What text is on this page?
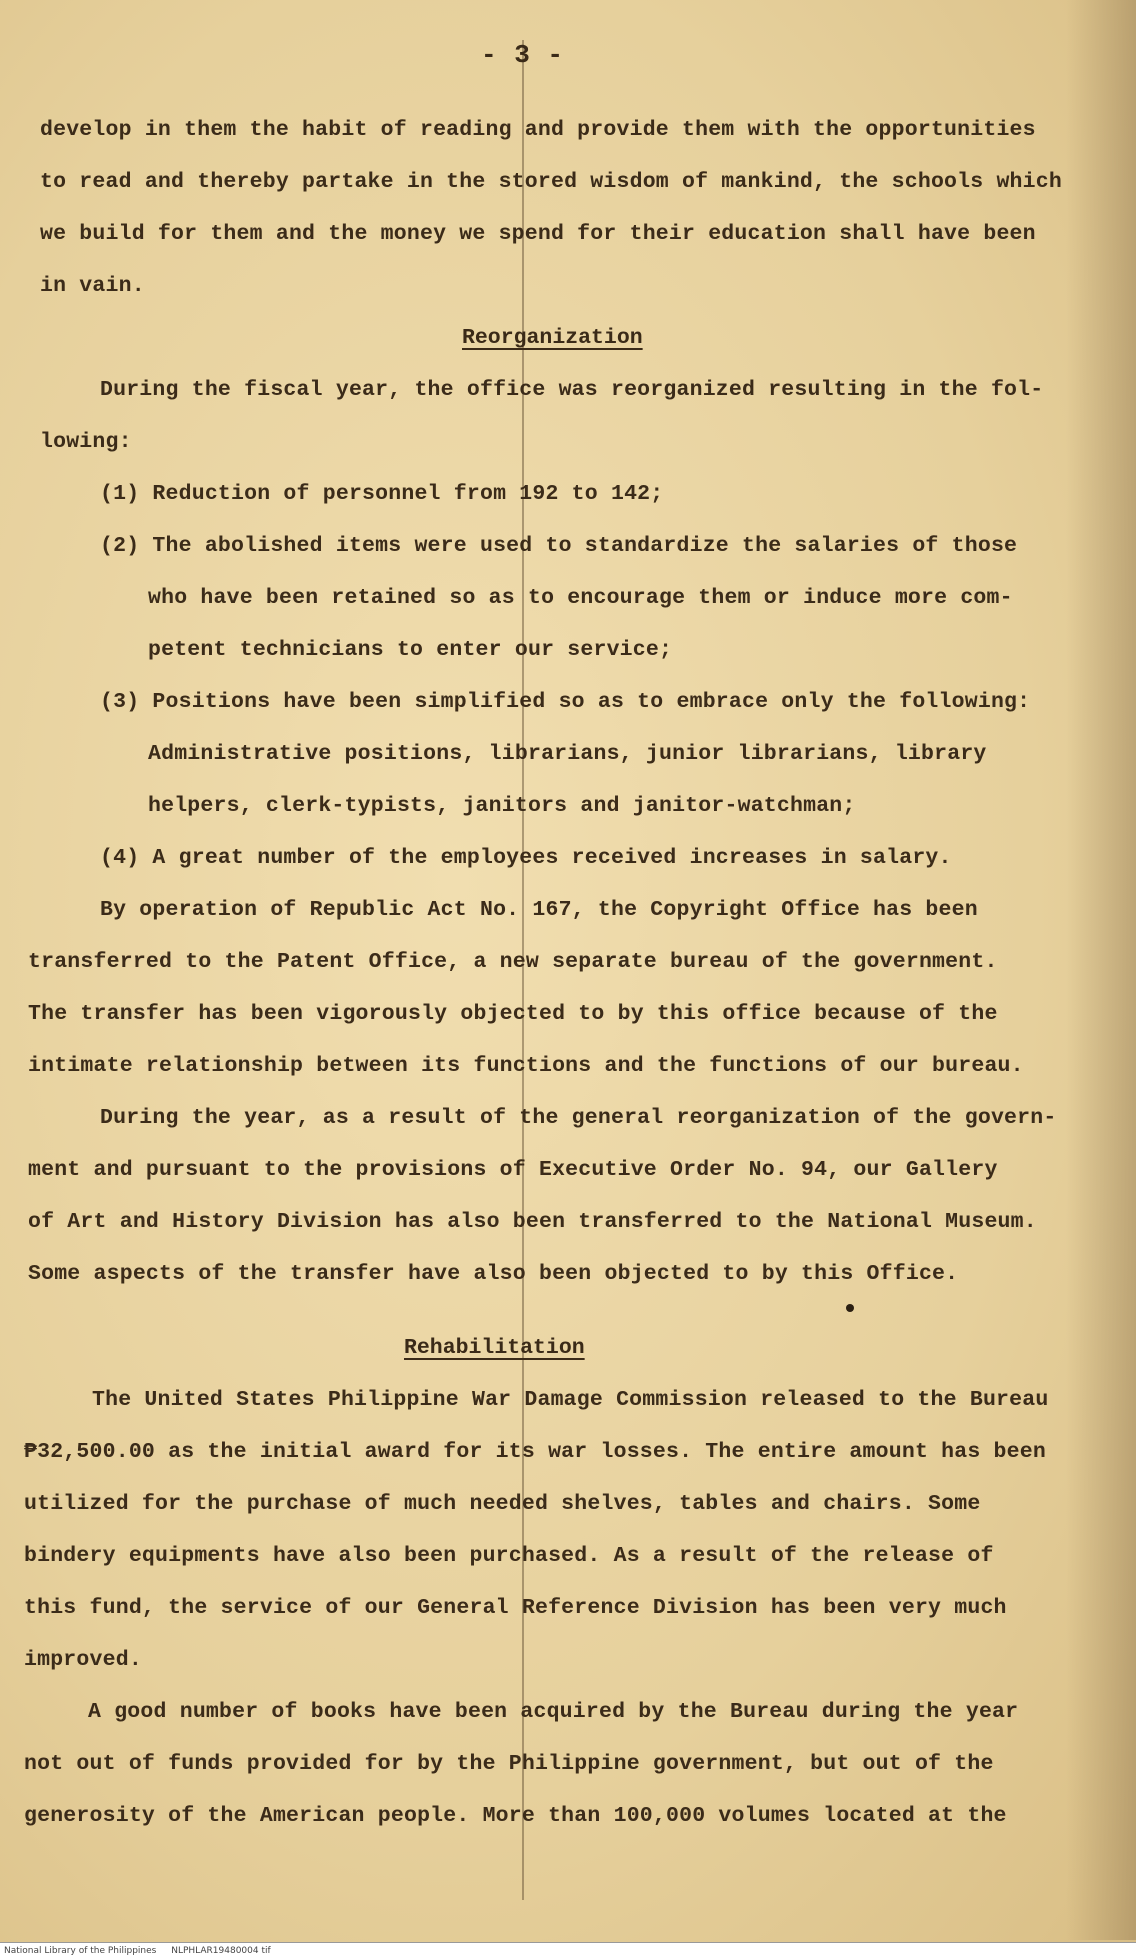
- 3 -
develop in them the habit of reading and provide them with the opportunities
to read and thereby partake in the stored wisdom of mankind, the schools which
we build for them and the money we spend for their education shall have been
in vain.
Reorganization
During the fiscal year, the office was reorganized resulting in the fol-
lowing:
(1) Reduction of personnel from 192 to 142;
(2) The abolished items were used to standardize the salaries of those
who have been retained so as to encourage them or induce more com-
petent technicians to enter our service;
(3) Positions have been simplified so as to embrace only the following:
Administrative positions, librarians, junior librarians, library
helpers, clerk-typists, janitors and janitor-watchman;
(4) A great number of the employees received increases in salary.
By operation of Republic Act No. 167, the Copyright Office has been
transferred to the Patent Office, a new separate bureau of the government.
The transfer has been vigorously objected to by this office because of the
intimate relationship between its functions and the functions of our bureau.
During the year, as a result of the general reorganization of the govern-
ment and pursuant to the provisions of Executive Order No. 94, our Gallery
of Art and History Division has also been transferred to the National Museum.
Some aspects of the transfer have also been objected to by this Office.
Rehabilitation
The United States Philippine War Damage Commission released to the Bureau
₱32,500.00 as the initial award for its war losses. The entire amount has been
utilized for the purchase of much needed shelves, tables and chairs. Some
bindery equipments have also been purchased. As a result of the release of
this fund, the service of our General Reference Division has been very much
improved.
A good number of books have been acquired by the Bureau during the year
not out of funds provided for by the Philippine government, but out of the
generosity of the American people. More than 100,000 volumes located at the
National Library of the Philippines NLPHLAR19480004 tif
